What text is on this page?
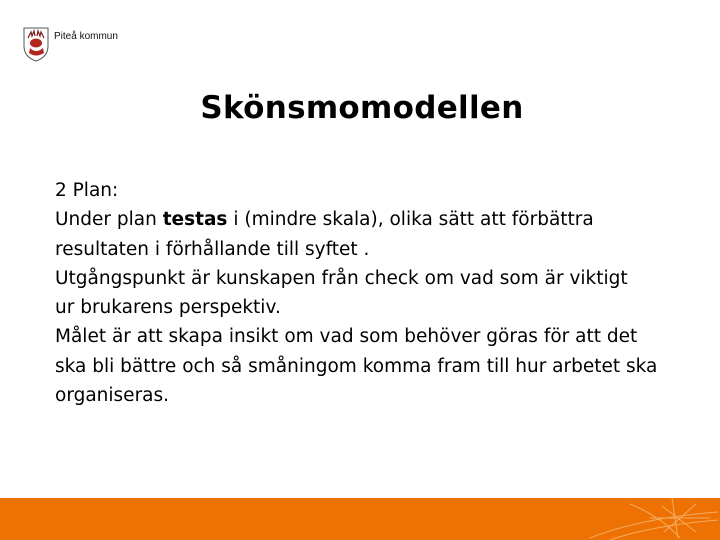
Piteå kommun
Skönsmomodellen

2 Plan:

Under plan testas i (mindre skala), olika sätt att förbättra

resultaten i förhållande till syftet .

Utgångspunkt är kunskapen från check om vad som är viktigt

ur brukarens perspektiv.

Målet är att skapa insikt om vad som behöver göras för att det

ska bli bättre och så småningom komma fram till hur arbetet ska

organiseras.
